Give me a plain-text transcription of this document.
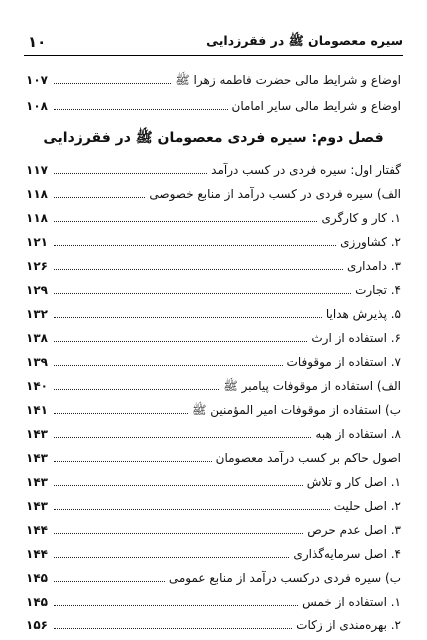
سیره معصومان ﷺ در فقرزدایی
۱۰
اوضاع و شرایط مالی حضرت فاطمه زهرا ﷺ
۱۰۷
اوضاع و شرایط مالی سایر امامان
۱۰۸
فصل دوم: سیره فردی معصومان ﷺ در فقرزدایی
گفتار اول: سیره فردی در کسب درآمد
۱۱۷
الف) سیره فردی در کسب درآمد از منابع خصوصی
۱۱۸
۱. کار و کارگری
۱۱۸
۲. کشاورزی
۱۲۱
۳. دامداری
۱۲۶
۴. تجارت
۱۲۹
۵. پذیرش هدایا
۱۳۲
۶. استفاده از ارث
۱۳۸
۷. استفاده از موقوفات
۱۳۹
الف) استفاده از موقوفات پیامبر ﷺ
۱۴۰
ب) استفاده از موقوفات امیر المؤمنین ﷺ
۱۴۱
۸. استفاده از هبه
۱۴۳
اصول حاکم بر کسب درآمد معصومان
۱۴۳
۱. اصل کار و تلاش
۱۴۳
۲. اصل حلیت
۱۴۳
۳. اصل عدم حرص
۱۴۴
۴. اصل سرمایه‌گذاری
۱۴۴
ب) سیره فردی درکسب درآمد از منابع عمومی
۱۴۵
۱. استفاده از خمس
۱۴۵
۲. بهره‌مندی از زکات
۱۵۶
